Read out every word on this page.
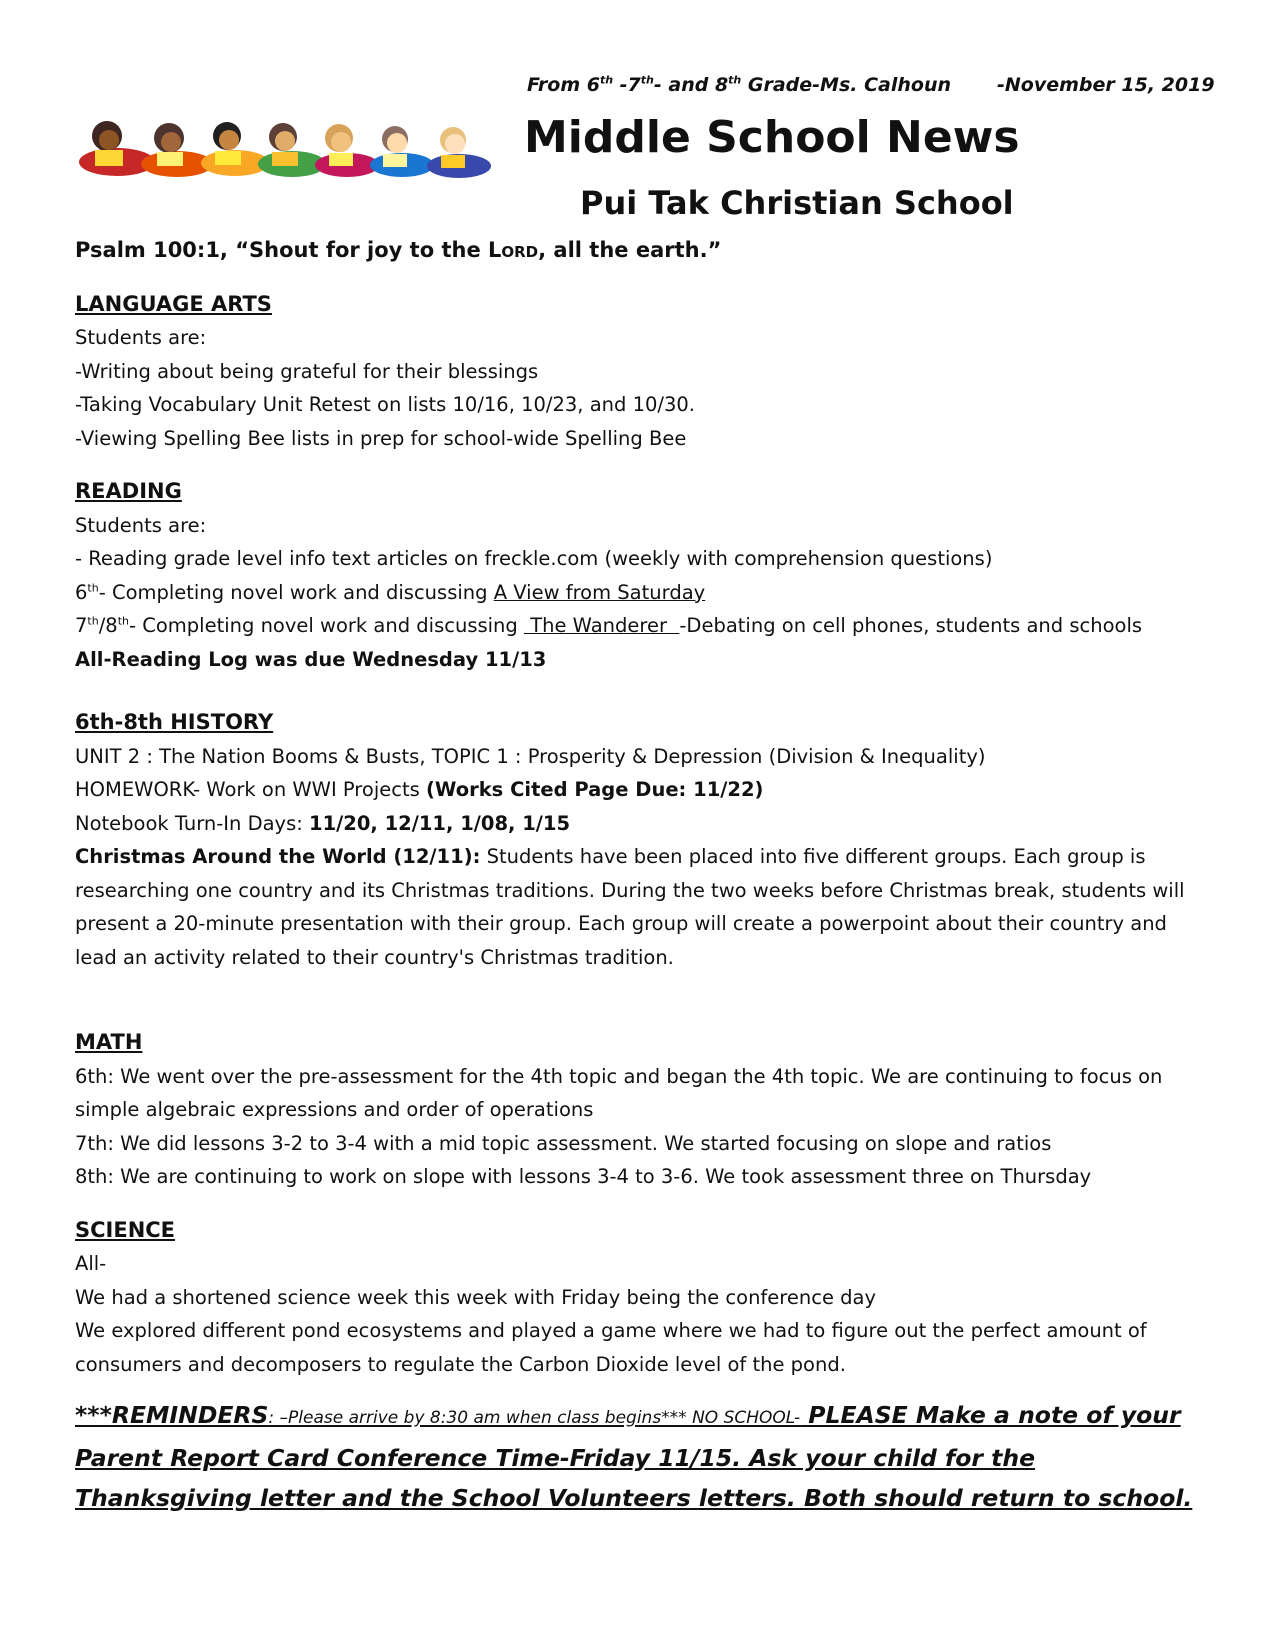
From 6th -7th- and 8th Grade-Ms. Calhoun -November 15, 2019
Middle School News
Pui Tak Christian School

Psalm 100:1, “Shout for joy to the Lord, all the earth.”

LANGUAGE ARTS

Students are:

-Writing about being grateful for their blessings

-Taking Vocabulary Unit Retest on lists 10/16, 10/23, and 10/30.

-Viewing Spelling Bee lists in prep for school-wide Spelling Bee

READING

Students are:

- Reading grade level info text articles on freckle.com (weekly with comprehension questions)

6th- Completing novel work and discussing A View from Saturday

7th/8th- Completing novel work and discussing  The Wanderer  -Debating on cell phones, students and schools

All-Reading Log was due Wednesday 11/13

6th-8th HISTORY

UNIT 2 : The Nation Booms & Busts, TOPIC 1 : Prosperity & Depression (Division & Inequality)

HOMEWORK- Work on WWI Projects (Works Cited Page Due: 11/22)

Notebook Turn-In Days: 11/20, 12/11, 1/08, 1/15

Christmas Around the World (12/11): Students have been placed into five different groups. Each group is researching one country and its Christmas traditions. During the two weeks before Christmas break, students will present a 20-minute presentation with their group. Each group will create a powerpoint about their country and lead an activity related to their country's Christmas tradition.

MATH

6th: We went over the pre-assessment for the 4th topic and began the 4th topic. We are continuing to focus on simple algebraic expressions and order of operations

7th: We did lessons 3-2 to 3-4 with a mid topic assessment. We started focusing on slope and ratios

8th: We are continuing to work on slope with lessons 3-4 to 3-6. We took assessment three on Thursday

SCIENCE

All-

We had a shortened science week this week with Friday being the conference day

We explored different pond ecosystems and played a game where we had to figure out the perfect amount of consumers and decomposers to regulate the Carbon Dioxide level of the pond.

***REMINDERS: –Please arrive by 8:30 am when class begins*** NO SCHOOL- PLEASE Make a note of your Parent Report Card Conference Time-Friday 11/15. Ask your child for the Thanksgiving letter and the School Volunteers letters. Both should return to school.
